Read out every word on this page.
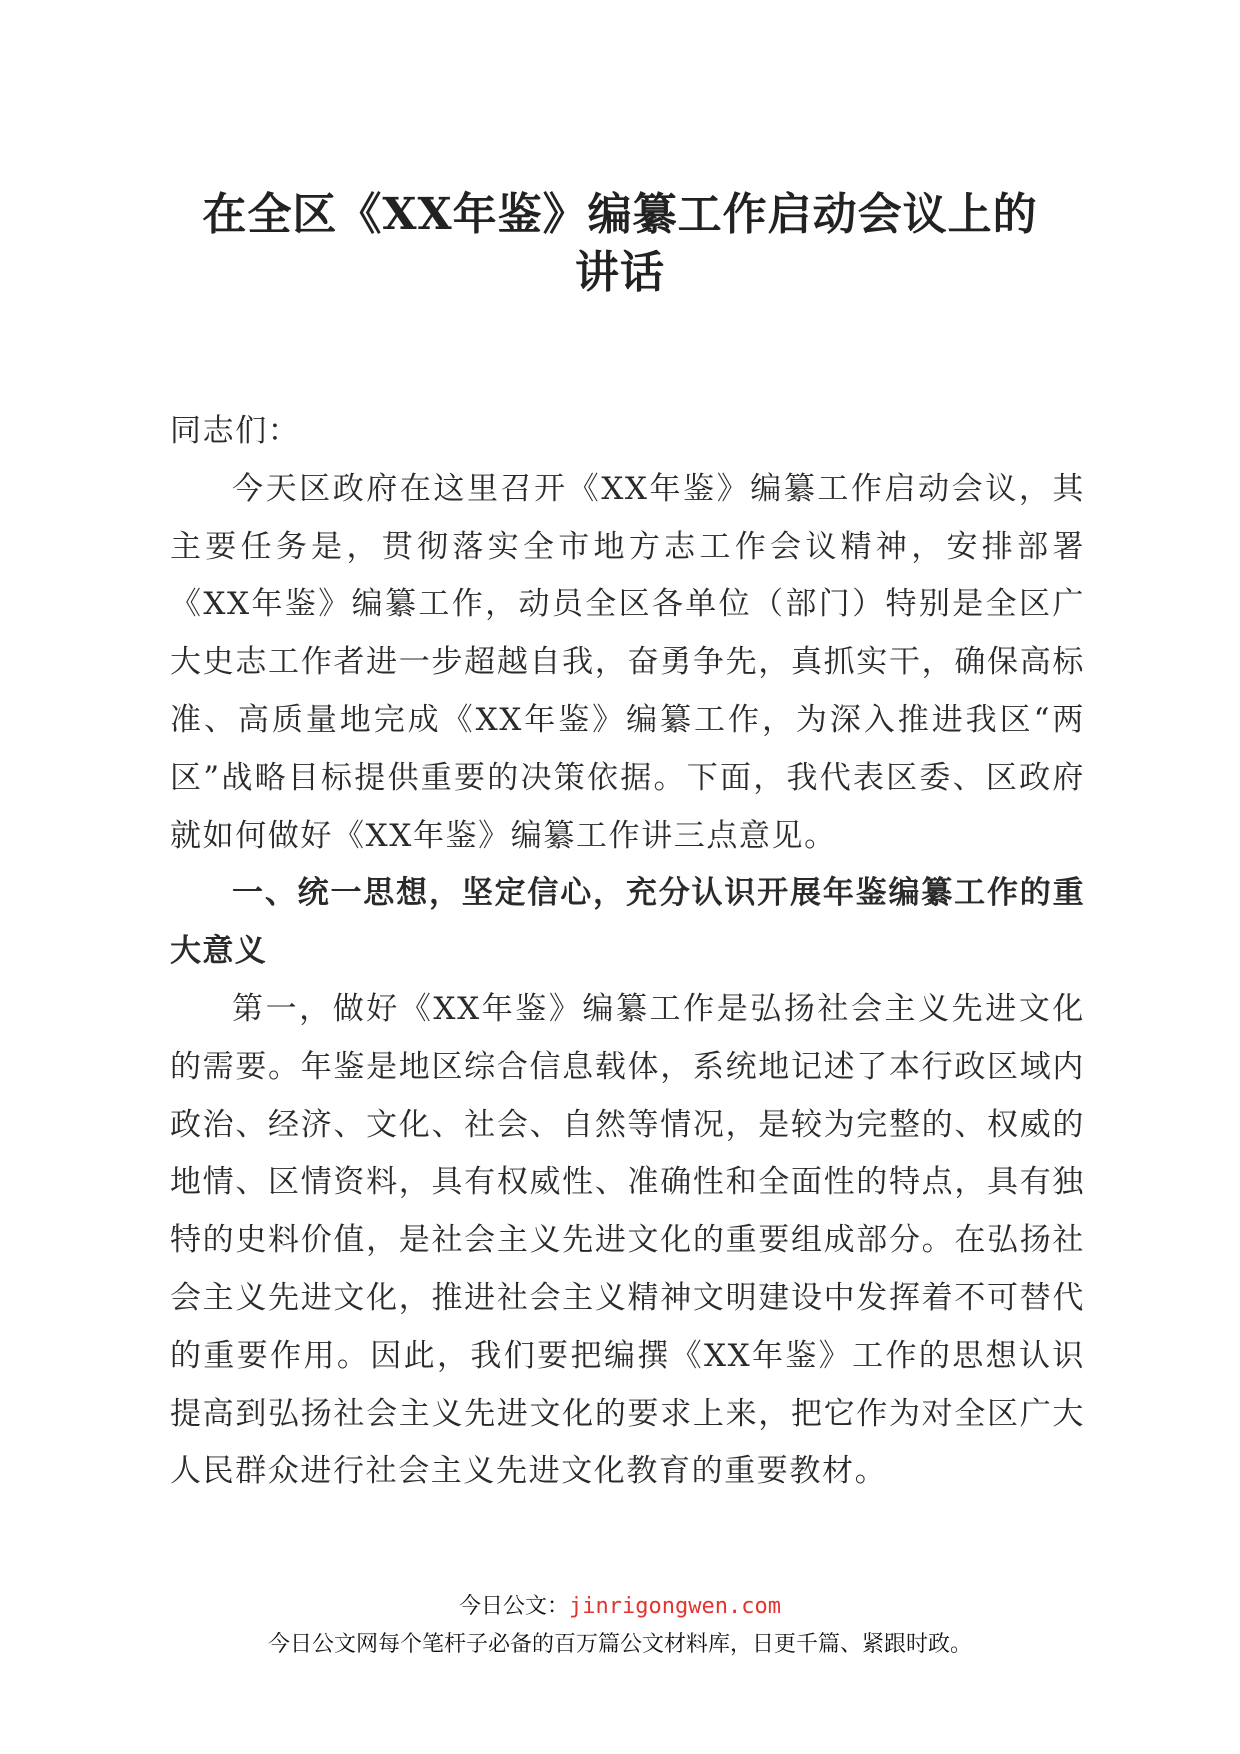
在全区《XX年鉴》编纂工作启动会议上的
讲话

同志们：

今天区政府在这里召开《XX年鉴》编纂工作启动会议，其主要任务是，贯彻落实全市地方志工作会议精神，安排部署《XX年鉴》编纂工作，动员全区各单位（部门）特别是全区广大史志工作者进一步超越自我，奋勇争先，真抓实干，确保高标准、高质量地完成《XX年鉴》编纂工作，为深入推进我区“两区”战略目标提供重要的决策依据。下面，我代表区委、区政府就如何做好《XX年鉴》编纂工作讲三点意见。

一、统一思想，坚定信心，充分认识开展年鉴编纂工作的重大意义

第一，做好《XX年鉴》编纂工作是弘扬社会主义先进文化的需要。年鉴是地区综合信息载体，系统地记述了本行政区域内政治、经济、文化、社会、自然等情况，是较为完整的、权威的地情、区情资料，具有权威性、准确性和全面性的特点，具有独特的史料价值，是社会主义先进文化的重要组成部分。在弘扬社会主义先进文化，推进社会主义精神文明建设中发挥着不可替代的重要作用。因此，我们要把编撰《XX年鉴》工作的思想认识提高到弘扬社会主义先进文化的要求上来，把它作为对全区广大人民群众进行社会主义先进文化教育的重要教材。

今日公文：jinrigongwen.com
今日公文网每个笔杆子必备的百万篇公文材料库，日更千篇、紧跟时政。
